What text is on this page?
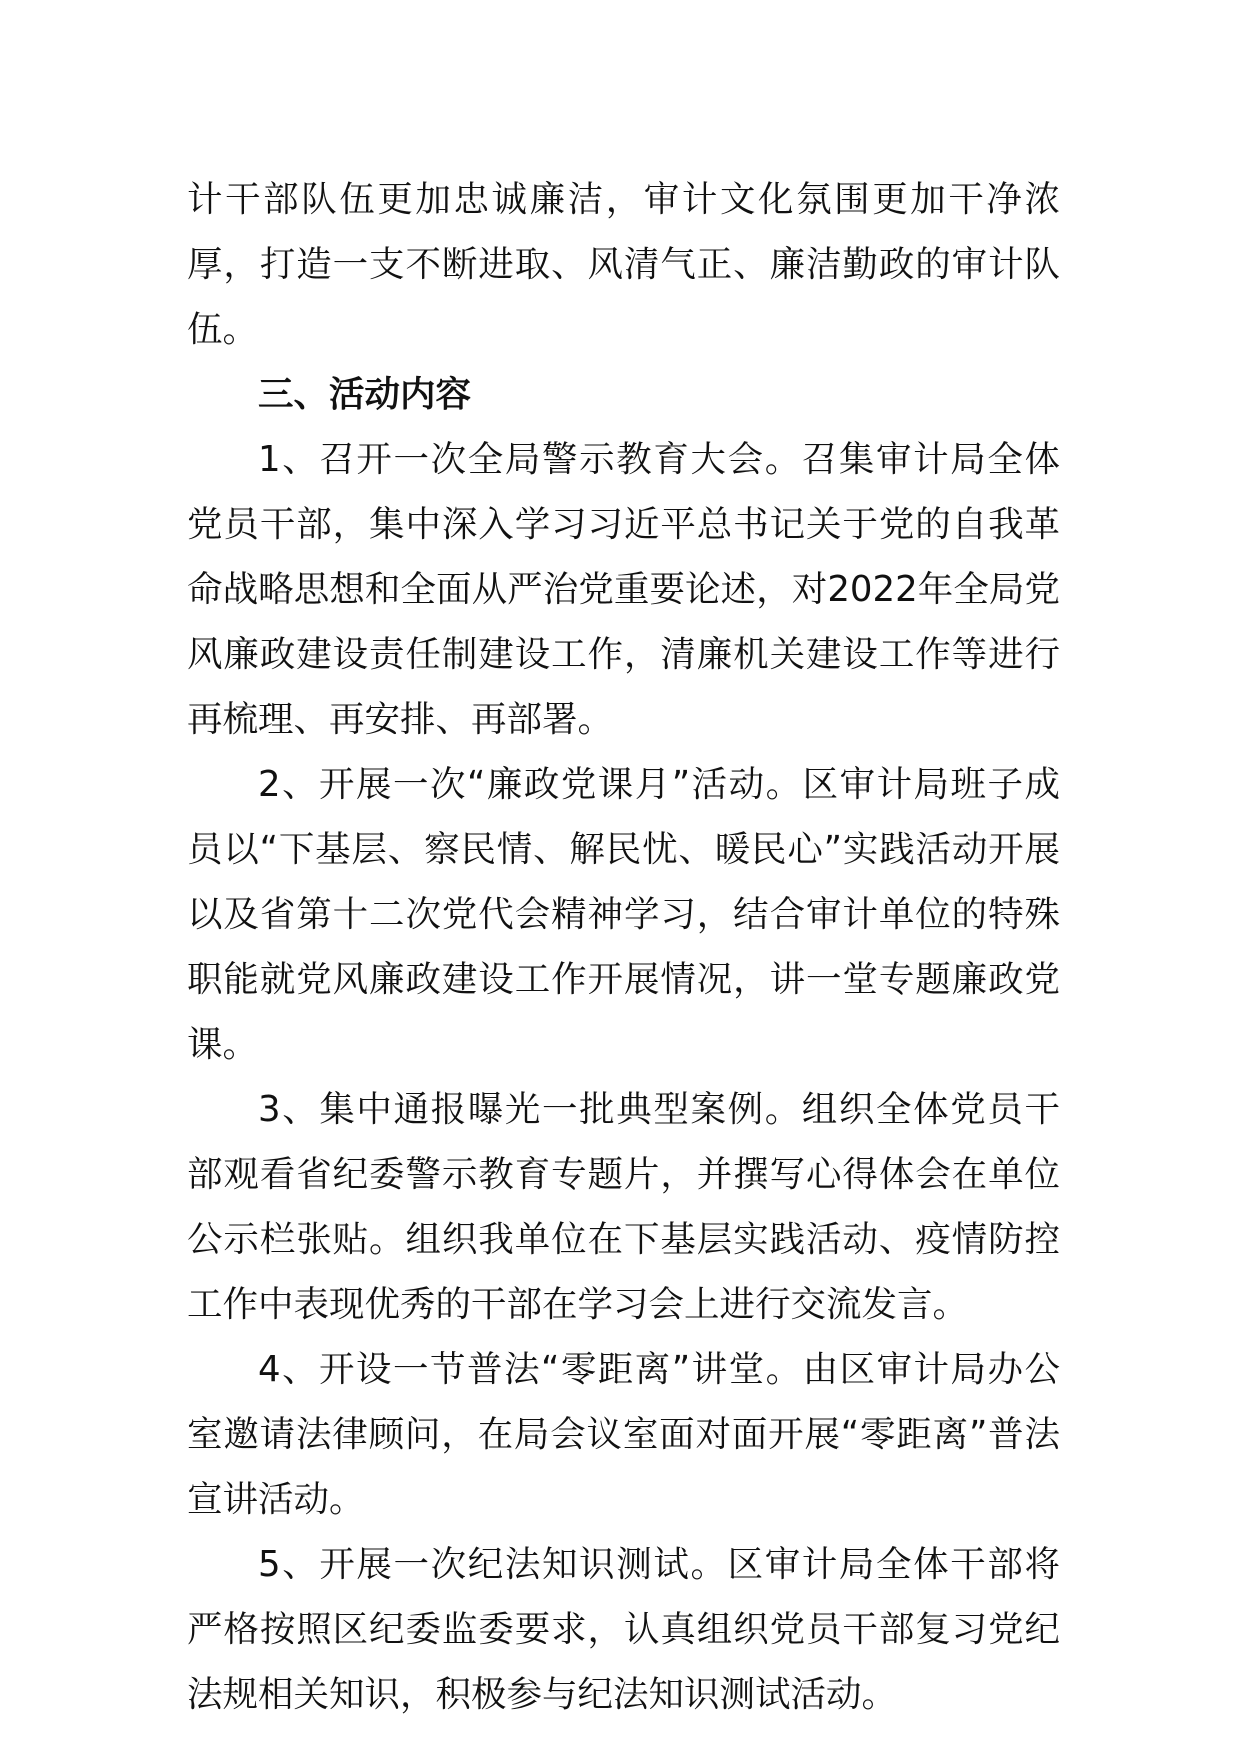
计干部队伍更加忠诚廉洁，审计文化氛围更加干净浓厚，打造一支不断进取、风清气正、廉洁勤政的审计队伍。

三、活动内容

1、召开一次全局警示教育大会。召集审计局全体党员干部，集中深入学习习近平总书记关于党的自我革命战略思想和全面从严治党重要论述，对2022年全局党风廉政建设责任制建设工作，清廉机关建设工作等进行再梳理、再安排、再部署。

2、开展一次“廉政党课月”活动。区审计局班子成员以“下基层、察民情、解民忧、暖民心”实践活动开展以及省第十二次党代会精神学习，结合审计单位的特殊职能就党风廉政建设工作开展情况，讲一堂专题廉政党课。

3、集中通报曝光一批典型案例。组织全体党员干部观看省纪委警示教育专题片，并撰写心得体会在单位公示栏张贴。组织我单位在下基层实践活动、疫情防控工作中表现优秀的干部在学习会上进行交流发言。

4、开设一节普法“零距离”讲堂。由区审计局办公室邀请法律顾问，在局会议室面对面开展“零距离”普法宣讲活动。

5、开展一次纪法知识测试。区审计局全体干部将严格按照区纪委监委要求，认真组织党员干部复习党纪法规相关知识，积极参与纪法知识测试活动。
